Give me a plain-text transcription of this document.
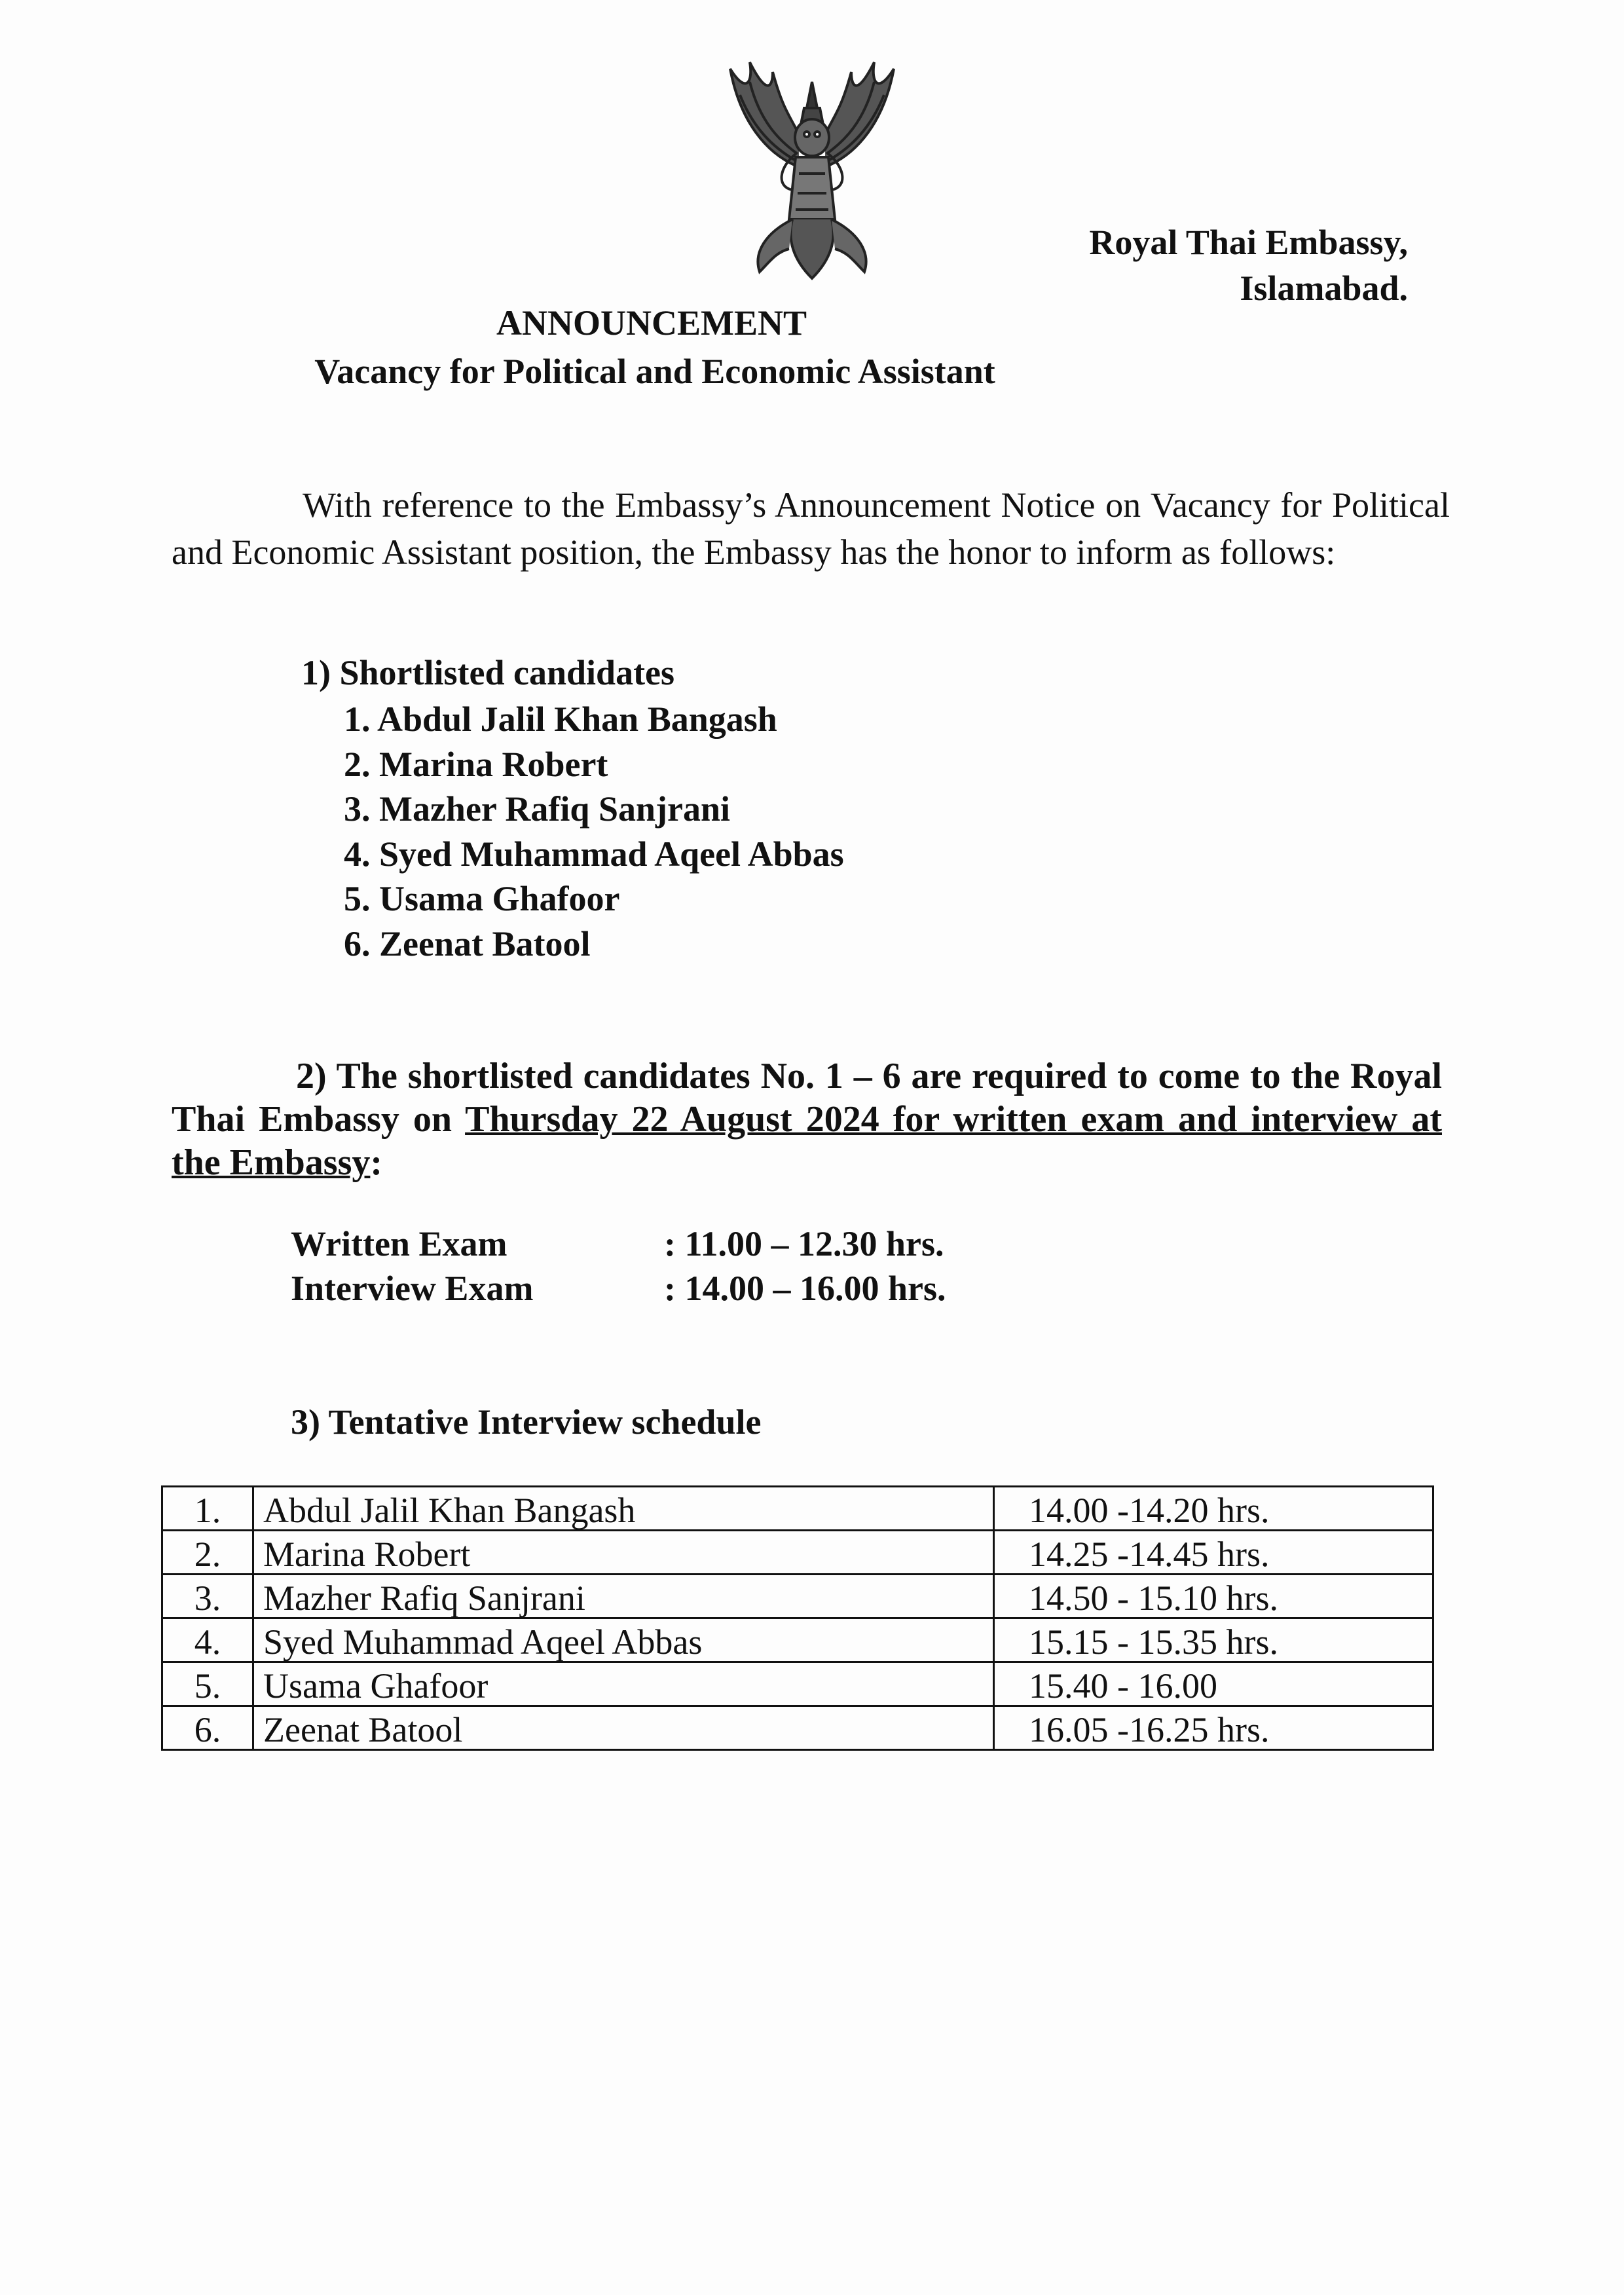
Royal Thai Embassy,
Islamabad.
ANNOUNCEMENT
Vacancy for Political and Economic Assistant
With reference to the Embassy’s Announcement Notice on Vacancy for Political and Economic Assistant position, the Embassy has the honor to inform as follows:
1) Shortlisted candidates
1. Abdul Jalil Khan Bangash
2. Marina Robert
3. Mazher Rafiq Sanjrani
4. Syed Muhammad Aqeel Abbas
5. Usama Ghafoor
6. Zeenat Batool
2) The shortlisted candidates No. 1 – 6 are required to come to the Royal Thai Embassy on Thursday 22 August 2024 for written exam and interview at the Embassy:
Written Exam	: 11.00 – 12.30 hrs.
Interview Exam	: 14.00 – 16.00 hrs.
3) Tentative Interview schedule
1.	Abdul Jalil Khan Bangash	14.00 -14.20 hrs.
2.	Marina Robert	14.25 -14.45 hrs.
3.	Mazher Rafiq Sanjrani	14.50 - 15.10 hrs.
4.	Syed Muhammad Aqeel Abbas	15.15 - 15.35 hrs.
5.	Usama Ghafoor	15.40 - 16.00
6.	Zeenat Batool	16.05 -16.25 hrs.
